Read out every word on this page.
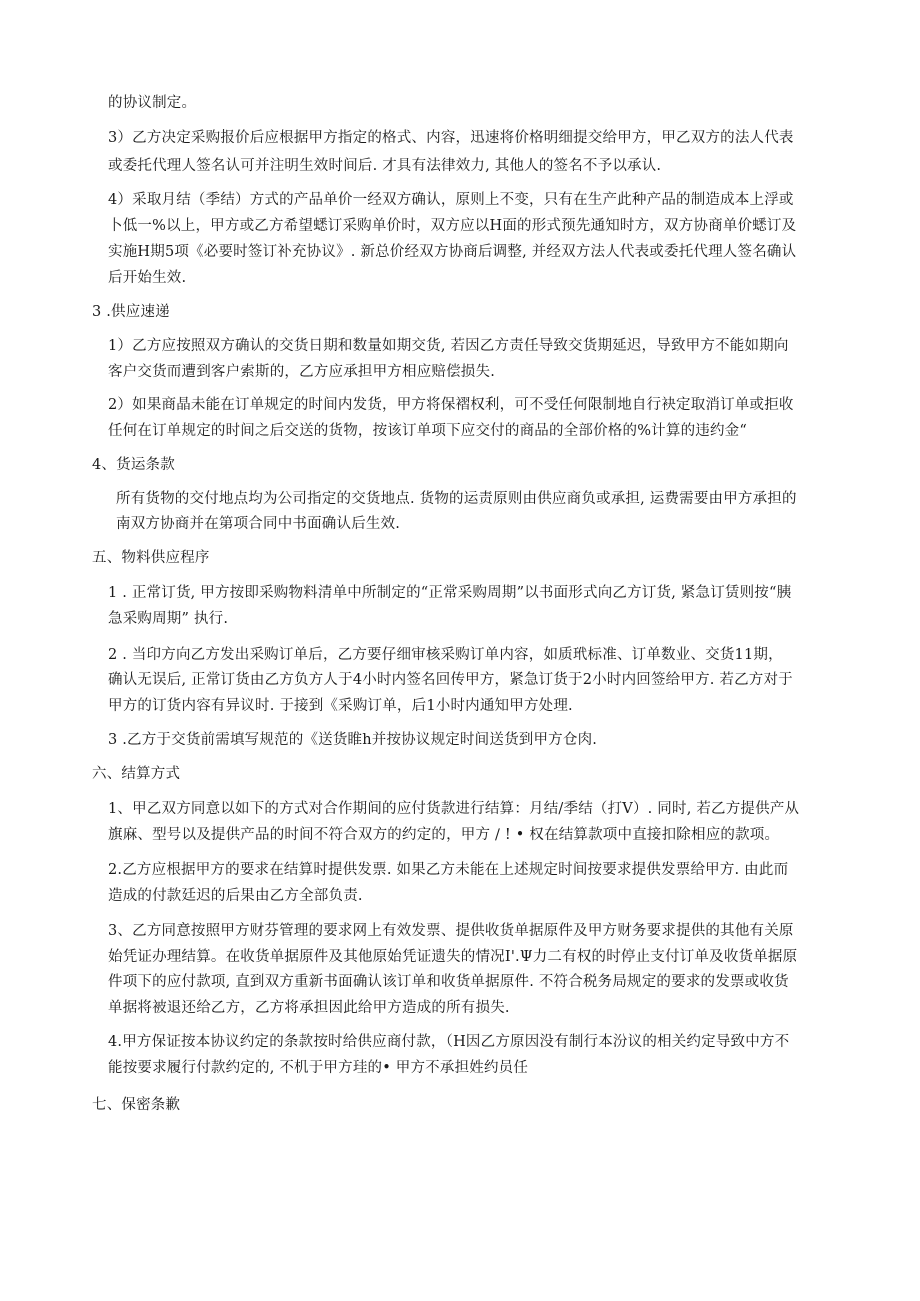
的协议制定。
3）乙方决定采购报价后应根据甲方指定的格式、内容，迅速将价格明细提交给甲方，甲乙双方的法人代表
或委托代理人签名认可并注明生效时间后. 才具有法律效力, 其他人的签名不予以承认.
4）采取月结（季结）方式的产品单价一经双方确认，原则上不变，只有在生产此种产品的制造成本上浮或
卜低一%以上，甲方或乙方希望蟋订采购单价时，双方应以H面的形式预先通知时方，双方协商单价蟋订及
实施H期5项《必要时签订补充协议》. 新总价经双方协商后调整, 并经双方法人代表或委托代理人签名确认
后开始生效.
3 .供应速递
1）乙方应按照双方确认的交货日期和数量如期交货, 若因乙方责任导致交货期延迟，导致甲方不能如期向
客户交货而遭到客户索斯的，乙方应承担甲方相应赔偿损失.
2）如果商晶未能在订单规定的时间内发货，甲方将保褶权利，可不受任何限制地自行袂定取消订单或拒收
任何在订单规定的时间之后交送的货物，按该订单项下应交付的商品的全部价格的%计算的违约金“
4、货运条款
所有货物的交付地点均为公司指定的交货地点. 货物的运责原则由供应商负或承担, 运费需要由甲方承担的
南双方协商并在第项合同中书面确认后生效.
五、物料供应程序
1 . 正常订货, 甲方按即采购物料清单中所制定的“正常采购周期”以书面形式向乙方订货, 紧急订赁则按“胰
急采购周期” 执行.
2 . 当印方向乙方发出采购订单后，乙方要仔细审核采购订单内容，如质玳标准、订单数业、交货11期，
确认无误后, 正常订货由乙方负方人于4小时内签名回传甲方，紧急订货于2小时内回签给甲方. 若乙方对于
甲方的订货内容有异议时. 于接到《采购订单，后1小时内通知甲方处理.
3 .乙方于交货前需填写规范的《送货睢h并按协议规定时间送货到甲方仓肉.
六、结算方式
1、甲乙双方同意以如下的方式对合作期间的应付货款进行结算：月结/季结（打V）. 同时, 若乙方提供产从
旗麻、型号以及提供产品的时间不符合双方的约定的，甲方 ∕ ! • 权在结算款项中直接扣除相应的款项。
2.乙方应根据甲方的要求在结算时提供发票. 如果乙方未能在上述规定时间按要求提供发票给甲方. 由此而
造成的付款廷迟的后果由乙方全部负责.
3、乙方同意按照甲方财芬管理的要求网上有效发票、提供收货单据原件及甲方财务要求提供的其他有关原
始凭证办理结算。在收货单据原件及其他原始凭证遗失的情况I'.Ψ力二有权的时停止支付订单及收货单据原
件项下的应付款项, 直到双方重新书面确认该订单和收货单据原件. 不符合税务局规定的要求的发票或收货
单据将被退还给乙方，乙方将承担因此给甲方造成的所有损失.
4.甲方保证按本协议约定的条款按时给供应商付款，（H因乙方原因没有制行本汾议的相关约定导致中方不
能按要求履行付款约定的, 不机于甲方珪的• 甲方不承担姓约员任
七、保密条歉
